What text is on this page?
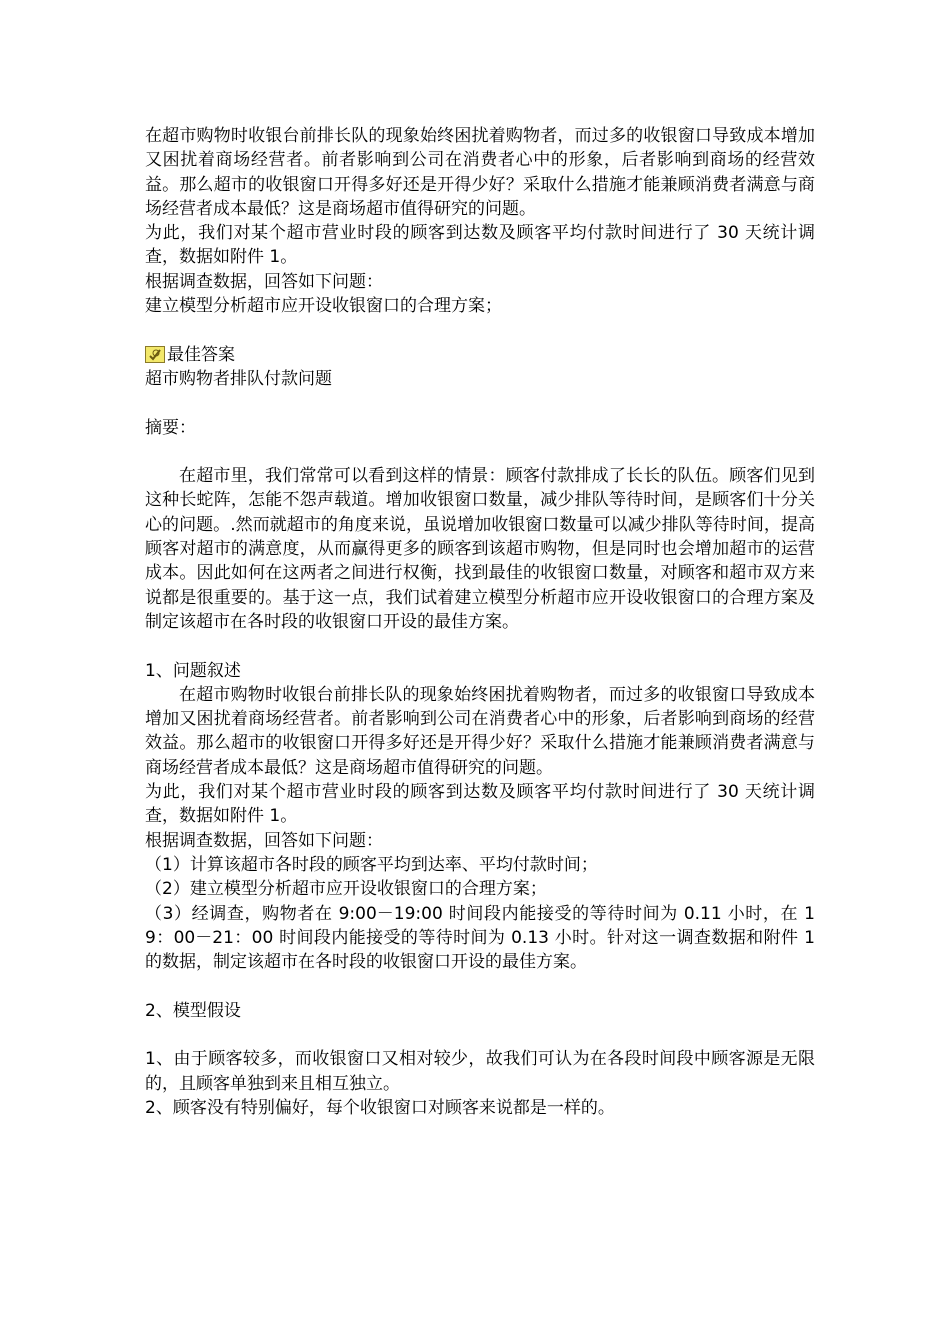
在超市购物时收银台前排长队的现象始终困扰着购物者，而过多的收银窗口导致成本增加又困扰着商场经营者。前者影响到公司在消费者心中的形象，后者影响到商场的经营效益。那么超市的收银窗口开得多好还是开得少好？采取什么措施才能兼顾消费者满意与商场经营者成本最低？这是商场超市值得研究的问题。

为此，我们对某个超市营业时段的顾客到达数及顾客平均付款时间进行了 30 天统计调查，数据如附件 1。

根据调查数据，回答如下问题：

建立模型分析超市应开设收银窗口的合理方案；

最佳答案

超市购物者排队付款问题

摘要：

在超市里，我们常常可以看到这样的情景：顾客付款排成了长长的队伍。顾客们见到这种长蛇阵，怎能不怨声载道。增加收银窗口数量，减少排队等待时间，是顾客们十分关心的问题。.然而就超市的角度来说，虽说增加收银窗口数量可以减少排队等待时间，提高顾客对超市的满意度，从而赢得更多的顾客到该超市购物，但是同时也会增加超市的运营成本。因此如何在这两者之间进行权衡，找到最佳的收银窗口数量，对顾客和超市双方来说都是很重要的。基于这一点，我们试着建立模型分析超市应开设收银窗口的合理方案及制定该超市在各时段的收银窗口开设的最佳方案。

1、问题叙述

在超市购物时收银台前排长队的现象始终困扰着购物者，而过多的收银窗口导致成本增加又困扰着商场经营者。前者影响到公司在消费者心中的形象，后者影响到商场的经营效益。那么超市的收银窗口开得多好还是开得少好？采取什么措施才能兼顾消费者满意与商场经营者成本最低？这是商场超市值得研究的问题。

为此，我们对某个超市营业时段的顾客到达数及顾客平均付款时间进行了 30 天统计调查，数据如附件 1。

根据调查数据，回答如下问题：

（1）计算该超市各时段的顾客平均到达率、平均付款时间；

（2）建立模型分析超市应开设收银窗口的合理方案；

（3）经调查，购物者在 9:00－19:00 时间段内能接受的等待时间为 0.11 小时，在 19：00－21：00 时间段内能接受的等待时间为 0.13 小时。针对这一调查数据和附件 1 的数据，制定该超市在各时段的收银窗口开设的最佳方案。

2、模型假设

1、由于顾客较多，而收银窗口又相对较少，故我们可认为在各段时间段中顾客源是无限的，且顾客单独到来且相互独立。

2、顾客没有特别偏好，每个收银窗口对顾客来说都是一样的。
